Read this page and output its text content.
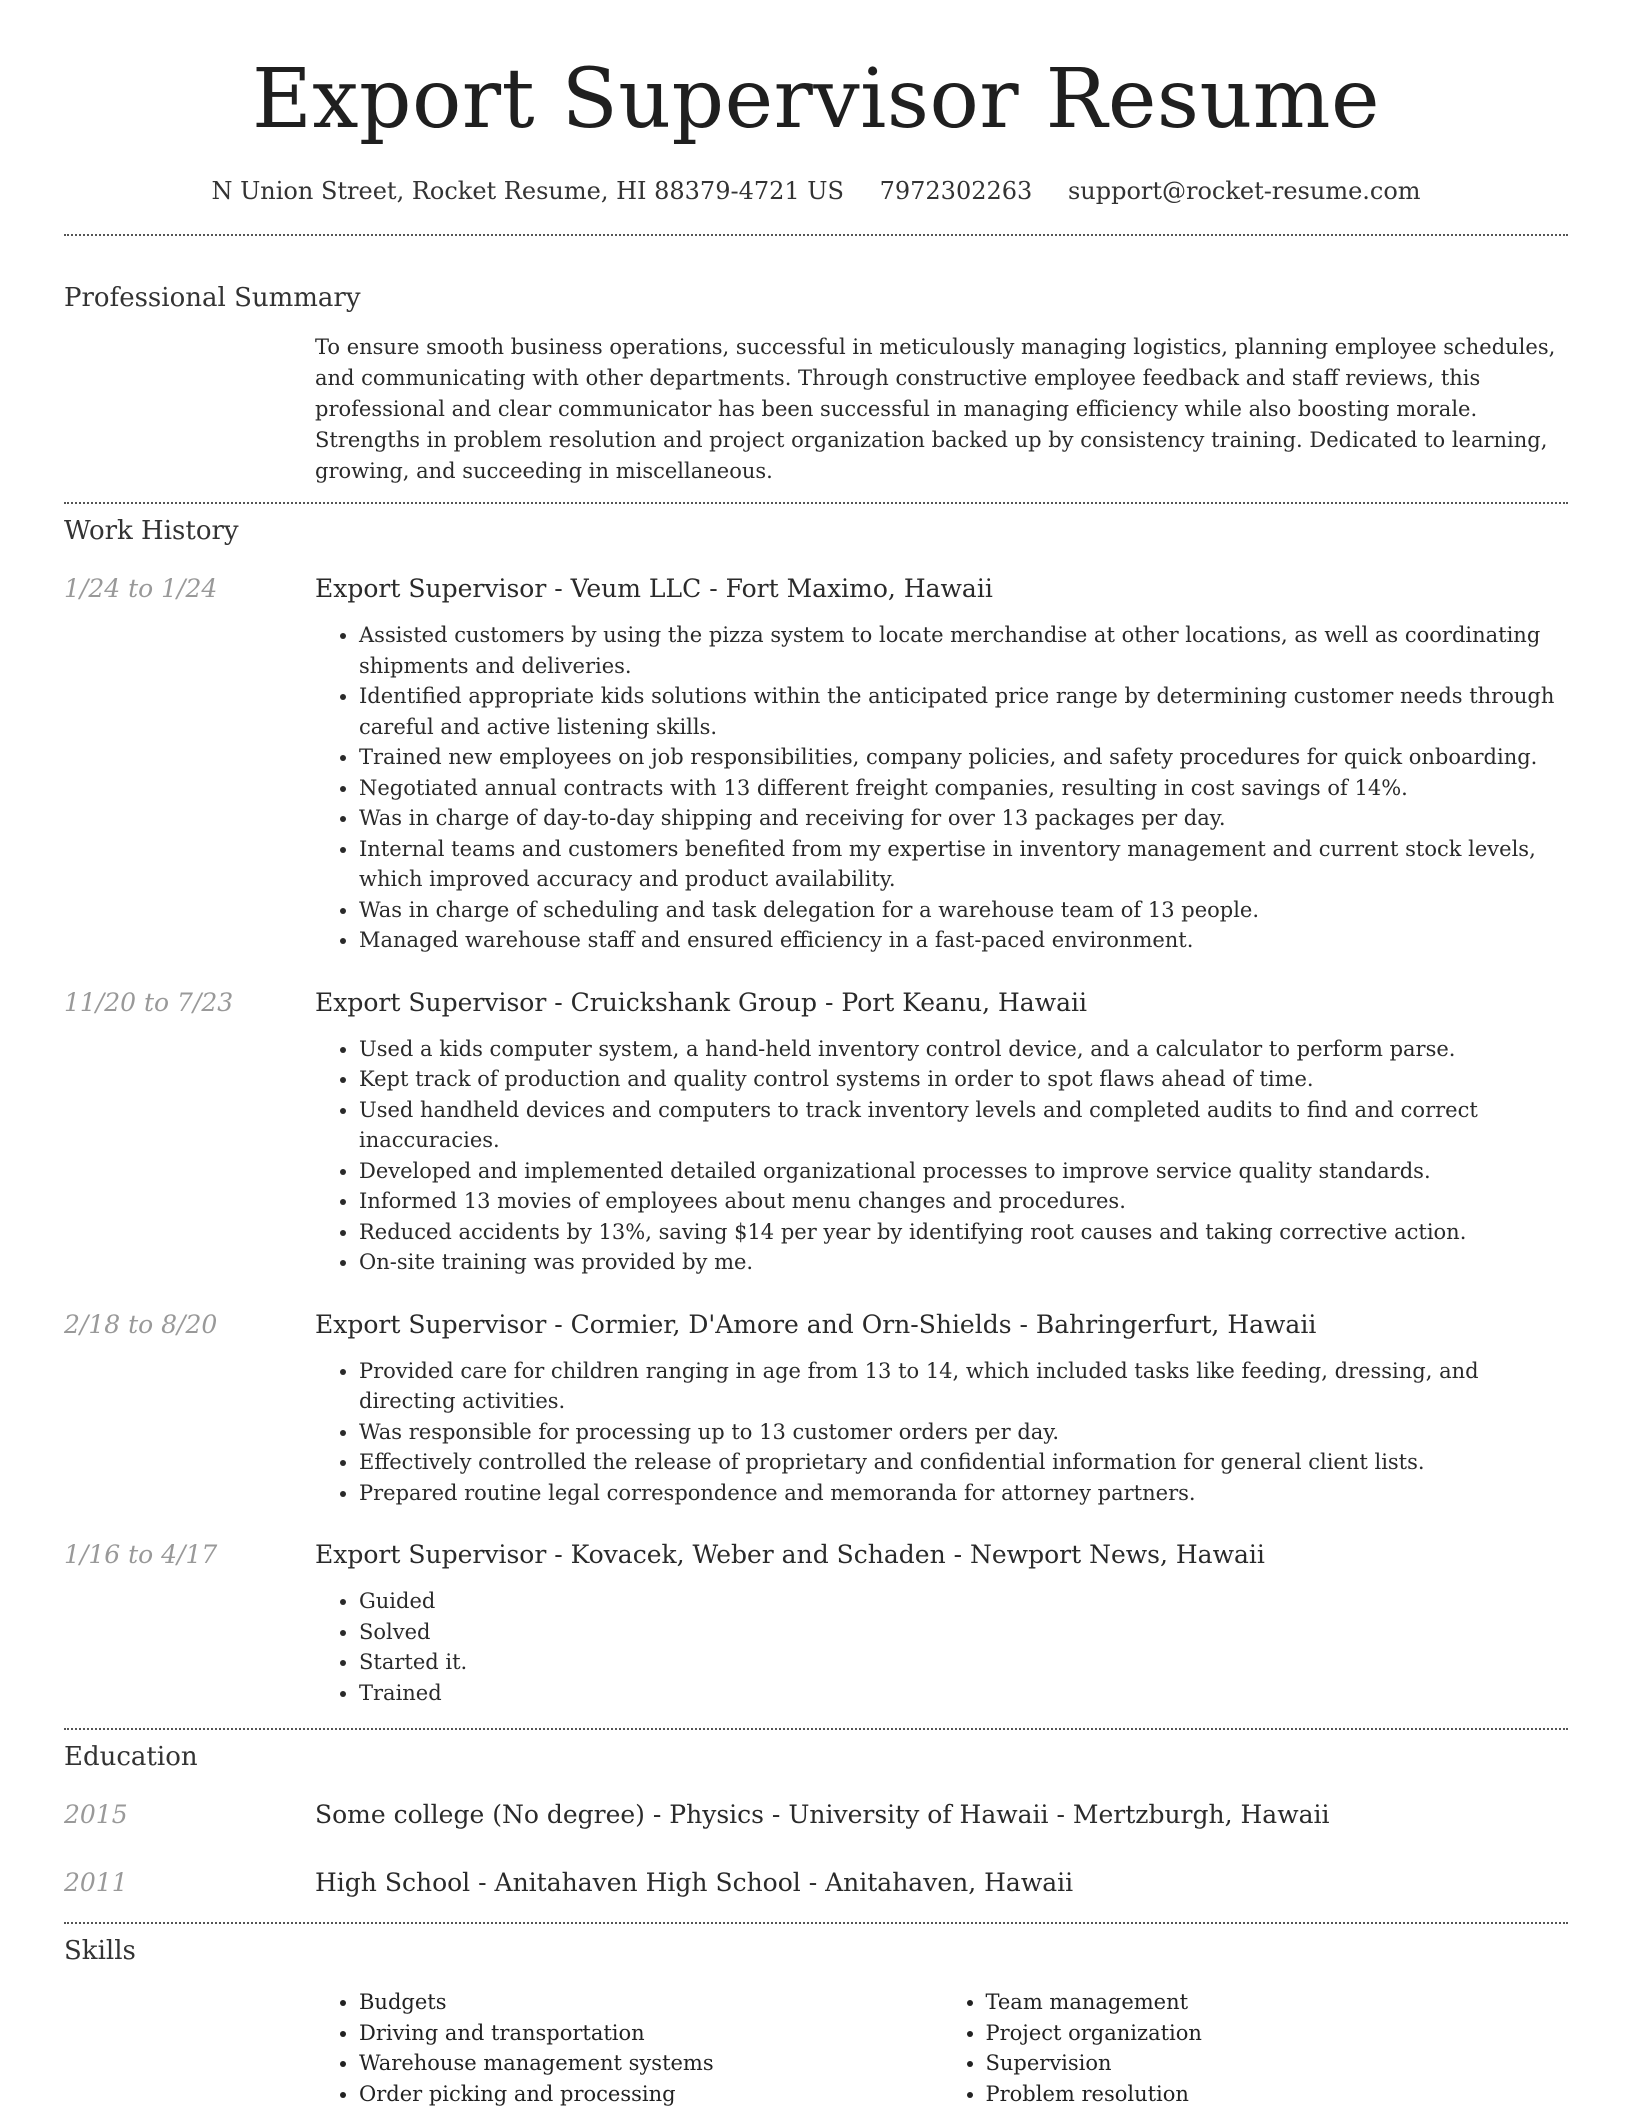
Export Supervisor Resume
N Union Street, Rocket Resume, HI 88379-4721 US 7972302263 support@rocket-resume.com
Professional Summary
To ensure smooth business operations, successful in meticulously managing logistics, planning employee schedules, and communicating with other departments. Through constructive employee feedback and staff reviews, this professional and clear communicator has been successful in managing efficiency while also boosting morale. Strengths in problem resolution and project organization backed up by consistency training. Dedicated to learning, growing, and succeeding in miscellaneous.
Work History
1/24 to 1/24	Export Supervisor - Veum LLC - Fort Maximo, Hawaii
• Assisted customers by using the pizza system to locate merchandise at other locations, as well as coordinating shipments and deliveries.
• Identified appropriate kids solutions within the anticipated price range by determining customer needs through careful and active listening skills.
• Trained new employees on job responsibilities, company policies, and safety procedures for quick onboarding.
• Negotiated annual contracts with 13 different freight companies, resulting in cost savings of 14%.
• Was in charge of day-to-day shipping and receiving for over 13 packages per day.
• Internal teams and customers benefited from my expertise in inventory management and current stock levels, which improved accuracy and product availability.
• Was in charge of scheduling and task delegation for a warehouse team of 13 people.
• Managed warehouse staff and ensured efficiency in a fast-paced environment.
11/20 to 7/23	Export Supervisor - Cruickshank Group - Port Keanu, Hawaii
• Used a kids computer system, a hand-held inventory control device, and a calculator to perform parse.
• Kept track of production and quality control systems in order to spot flaws ahead of time.
• Used handheld devices and computers to track inventory levels and completed audits to find and correct inaccuracies.
• Developed and implemented detailed organizational processes to improve service quality standards.
• Informed 13 movies of employees about menu changes and procedures.
• Reduced accidents by 13%, saving $14 per year by identifying root causes and taking corrective action.
• On-site training was provided by me.
2/18 to 8/20	Export Supervisor - Cormier, D'Amore and Orn-Shields - Bahringerfurt, Hawaii
• Provided care for children ranging in age from 13 to 14, which included tasks like feeding, dressing, and directing activities.
• Was responsible for processing up to 13 customer orders per day.
• Effectively controlled the release of proprietary and confidential information for general client lists.
• Prepared routine legal correspondence and memoranda for attorney partners.
1/16 to 4/17	Export Supervisor - Kovacek, Weber and Schaden - Newport News, Hawaii
• Guided
• Solved
• Started it.
• Trained
Education
2015	Some college (No degree) - Physics - University of Hawaii - Mertzburgh, Hawaii
2011	High School - Anitahaven High School - Anitahaven, Hawaii
Skills
• Budgets
• Driving and transportation
• Warehouse management systems
• Order picking and processing
• Team management
• Project organization
• Supervision
• Problem resolution
